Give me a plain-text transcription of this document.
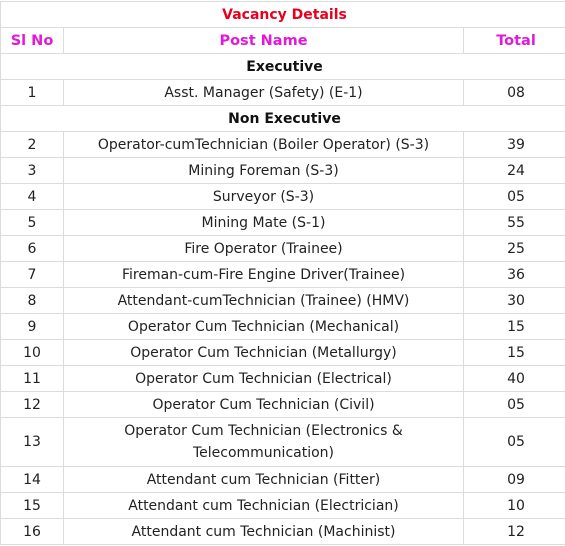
Vacancy Details		
Sl No	Post Name	Total
Executive		
1	Asst. Manager (Safety) (E-1)	08
Non Executive		
2	Operator-cumTechnician (Boiler Operator) (S-3)	39
3	Mining Foreman (S-3)	24
4	Surveyor (S-3)	05
5	Mining Mate (S-1)	55
6	Fire Operator (Trainee)	25
7	Fireman-cum-Fire Engine Driver(Trainee)	36
8	Attendant-cumTechnician (Trainee) (HMV)	30
9	Operator Cum Technician (Mechanical)	15
10	Operator Cum Technician (Metallurgy)	15
11	Operator Cum Technician (Electrical)	40
12	Operator Cum Technician (Civil)	05
13	Operator Cum Technician (Electronics & Telecommunication)	05
14	Attendant cum Technician (Fitter)	09
15	Attendant cum Technician (Electrician)	10
16	Attendant cum Technician (Machinist)	12
